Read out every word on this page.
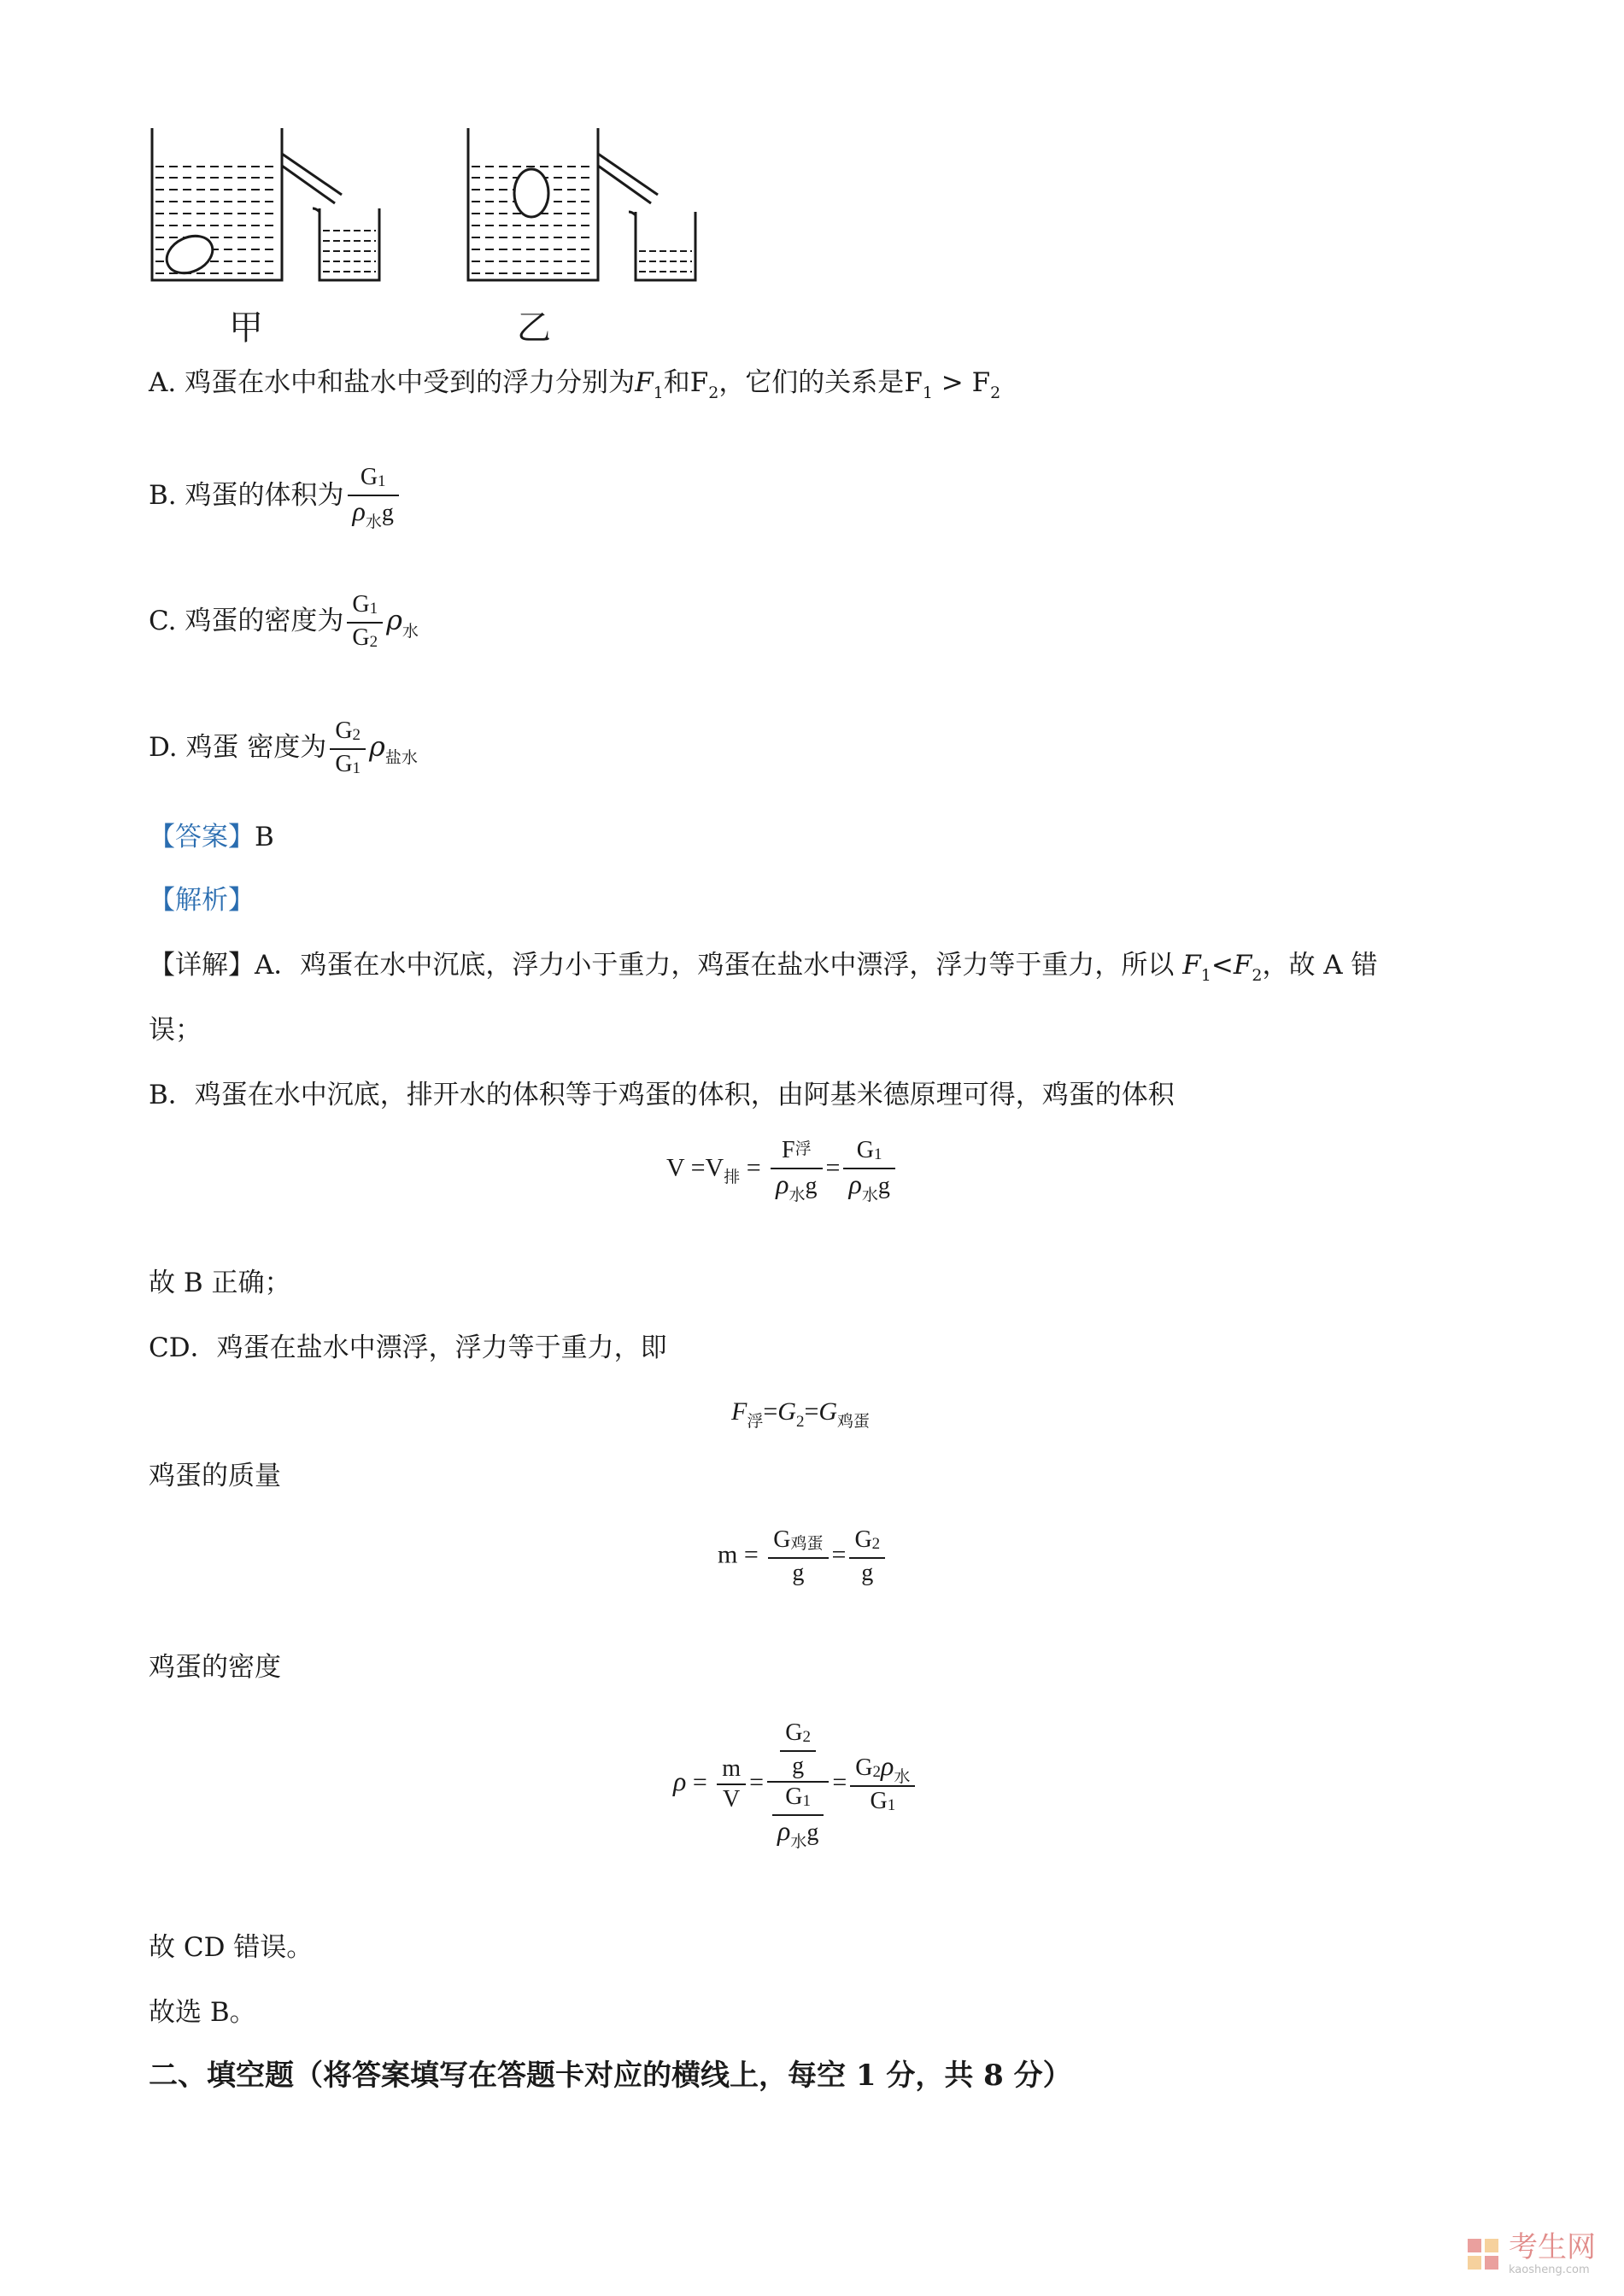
甲	乙
A. 鸡蛋在水中和盐水中受到的浮力分别为$F_1$和$F_2$，它们的关系是$F_1 > F_2$
B. 鸡蛋的体积为 $\frac{G1}{\rho_水g}$
C. 鸡蛋的密度为 $\frac{G1}{G2} \rho_水$
D. 鸡蛋 密度为 $\frac{G2}{G1} \rho_{盐水}$
【答案】B
【解析】
【详解】A．鸡蛋在水中沉底，浮力小于重力，鸡蛋在盐水中漂浮，浮力等于重力，所以 $F_1<F_2$，故 A 错
误；
B．鸡蛋在水中沉底，排开水的体积等于鸡蛋的体积，由阿基米德原理可得，鸡蛋的体积
$V =V_排 = \frac{\text{F浮}}{\rho_水g} = \frac{G1}{\rho_水g}$
故 B 正确；
CD．鸡蛋在盐水中漂浮，浮力等于重力，即
$F_浮=G_2=G_{鸡蛋}$
鸡蛋的质量
$m = \frac{\text{G鸡蛋}}{g} = \frac{G2}{g}$
鸡蛋的密度
$\rho = \frac{m}{V} = \frac{\frac{G2}{g}}{\frac{G1}{\rho_水g}} = \frac{G2\rho_水}{G1}$
故 CD 错误。
故选 B。
二、填空题（将答案填写在答题卡对应的横线上，每空 1 分，共 8 分）
考生网
kaosheng.com
